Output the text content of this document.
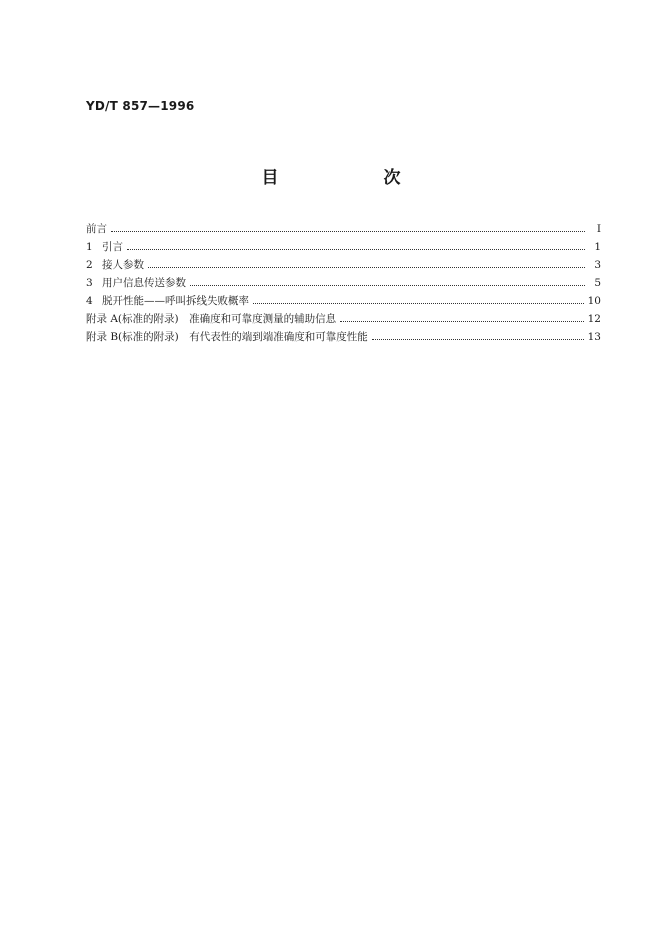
YD/T 857—1996
目　次
前言	I
1 引言	1
2 接人参数	3
3 用户信息传送参数	5
4 脱开性能——呼叫拆线失败概率	10
附录 A(标准的附录)　准确度和可靠度测量的辅助信息	12
附录 B(标准的附录)　有代表性的端到端准确度和可靠度性能	13
